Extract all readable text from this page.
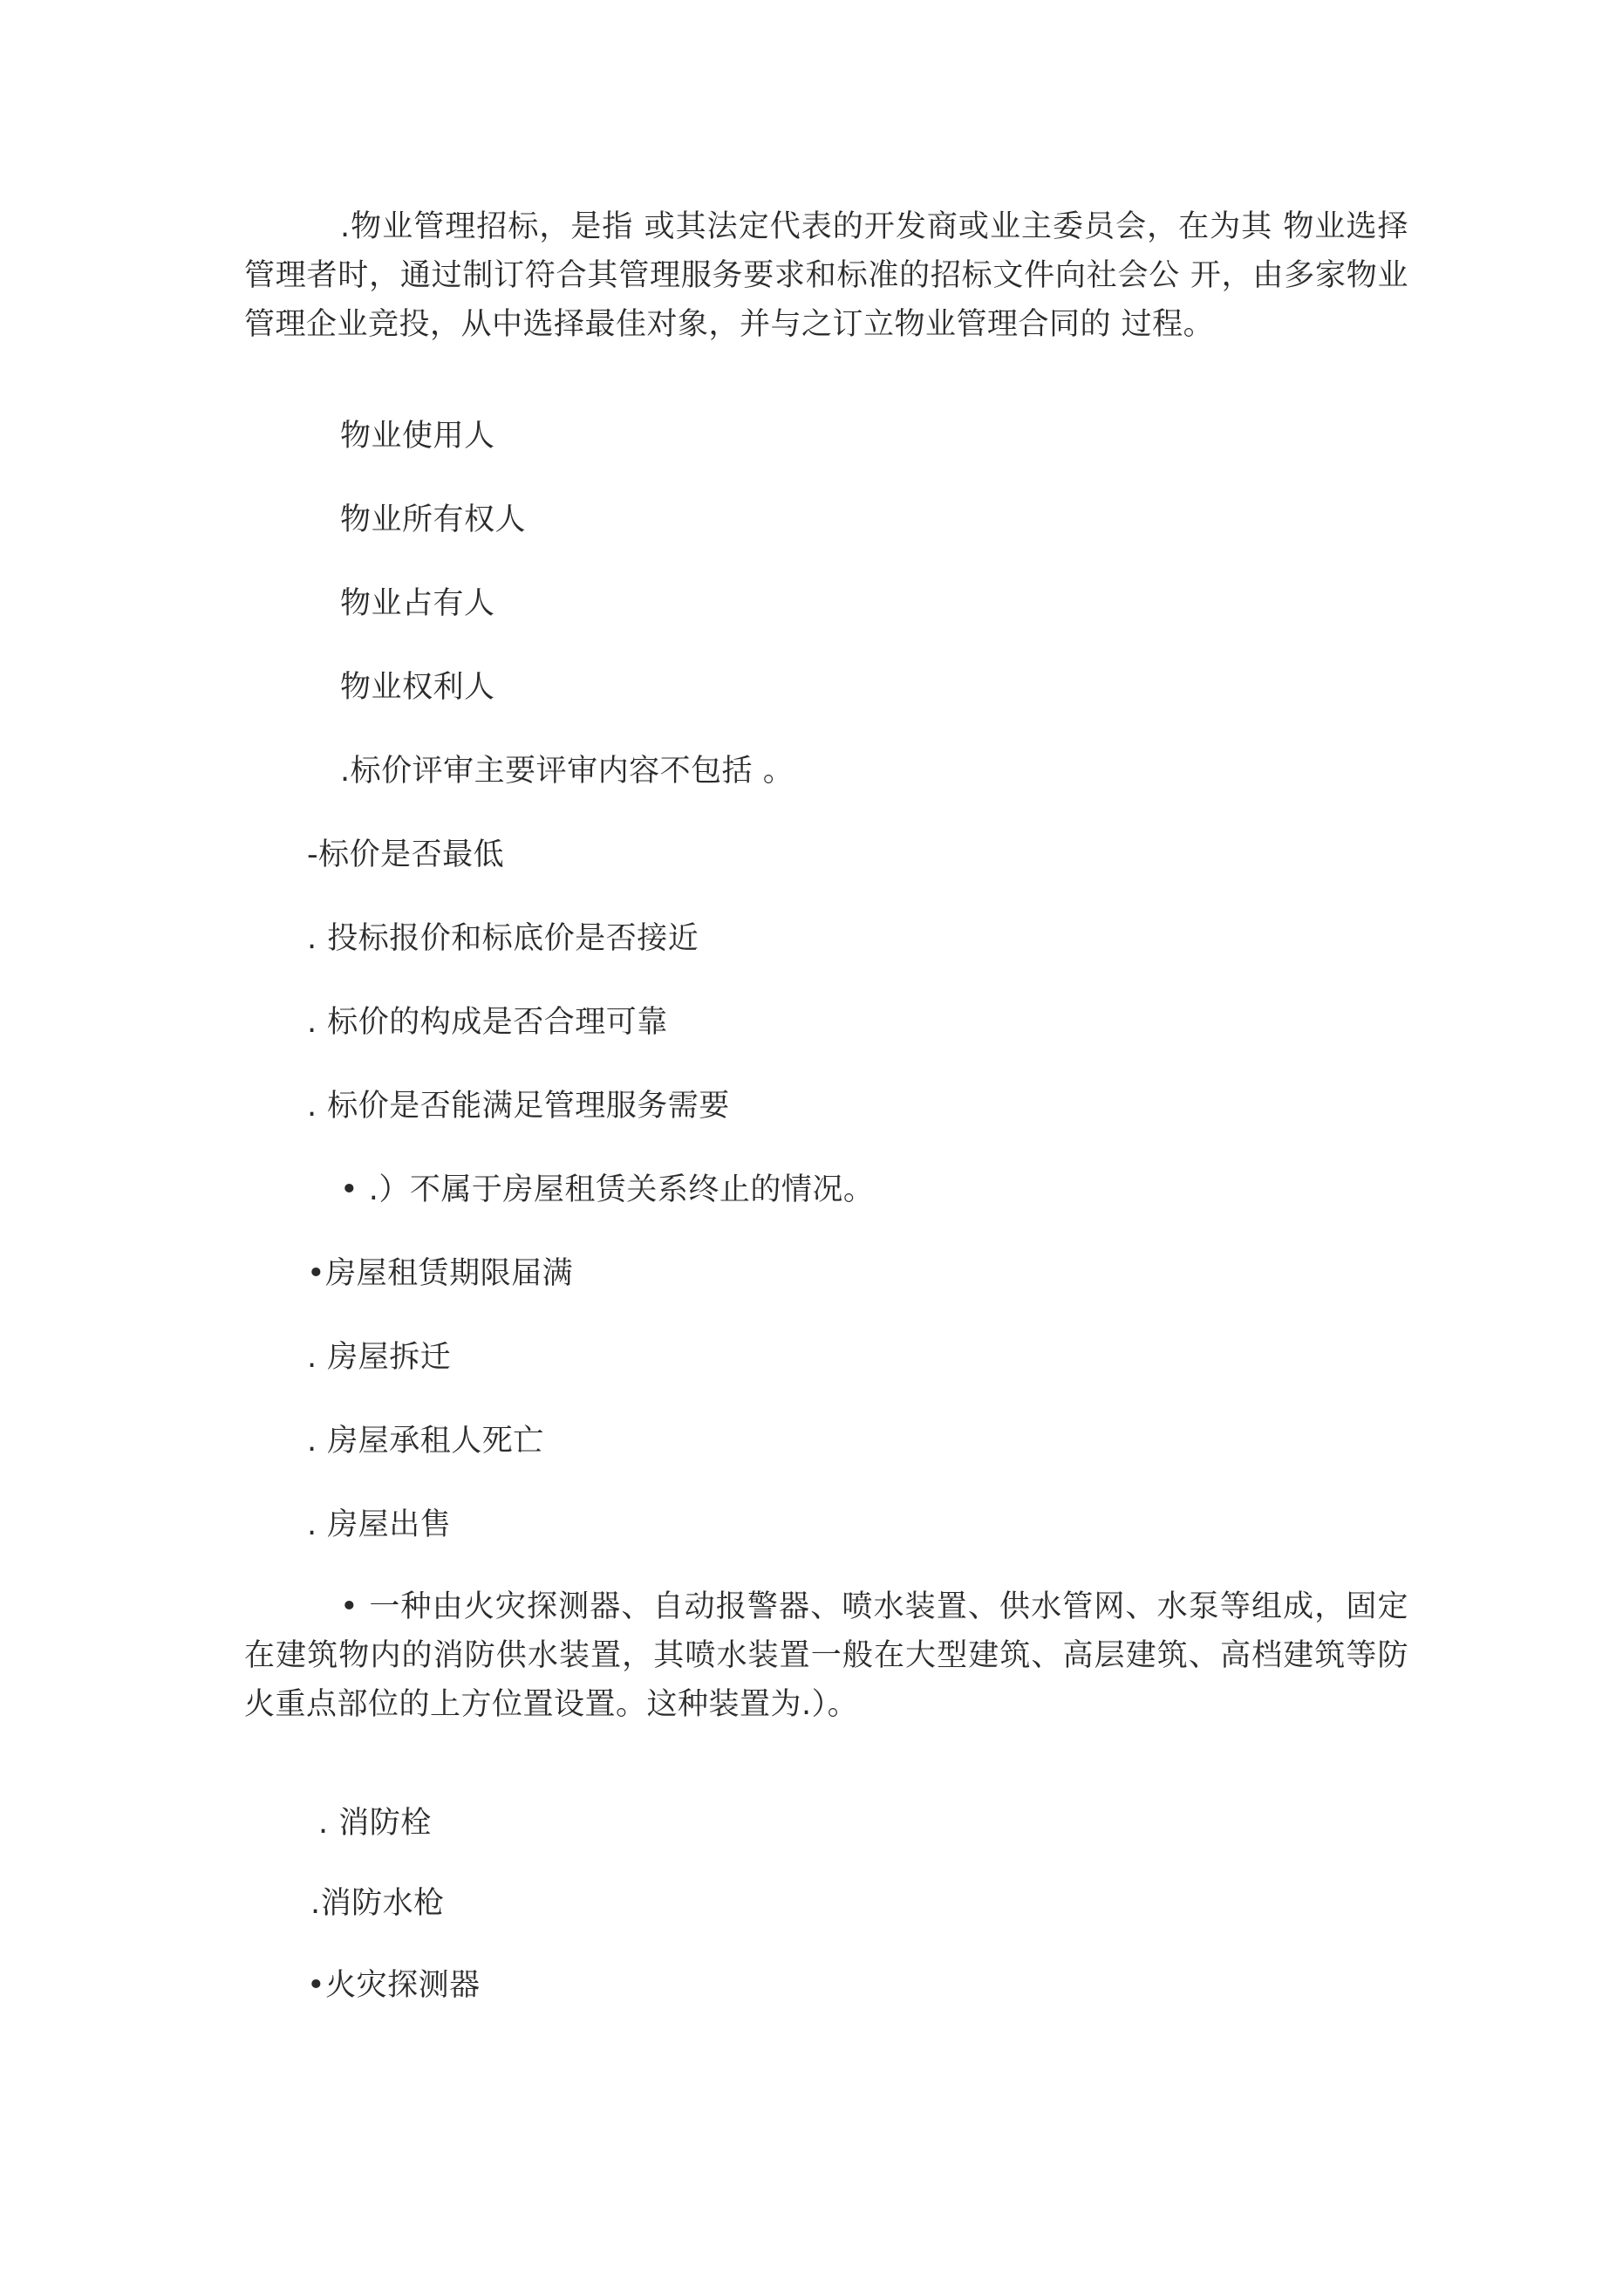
.物业管理招标，是指 或其法定代表的开发商或业主委员会，在为其 物业选择管理者时，通过制订符合其管理服务要求和标准的招标文件向社会公 开，由多家物业管理企业竞投，从中选择最佳对象，并与之订立物业管理合同的 过程。

物业使用人

物业所有权人

物业占有人

物业权利人

.标价评审主要评审内容不包括 。

-标价是否最低

. 投标报价和标底价是否接近

. 标价的构成是否合理可靠

. 标价是否能满足管理服务需要

• .）不属于房屋租赁关系终止的情况。

•房屋租赁期限届满

. 房屋拆迁

. 房屋承租人死亡

. 房屋出售

• 一种由火灾探测器、自动报警器、喷水装置、供水管网、水泵等组成，固定在建筑物内的消防供水装置，其喷水装置一般在大型建筑、高层建筑、高档建筑等防火重点部位的上方位置设置。这种装置为.）。

. 消防栓

.消防水枪

•火灾探测器
